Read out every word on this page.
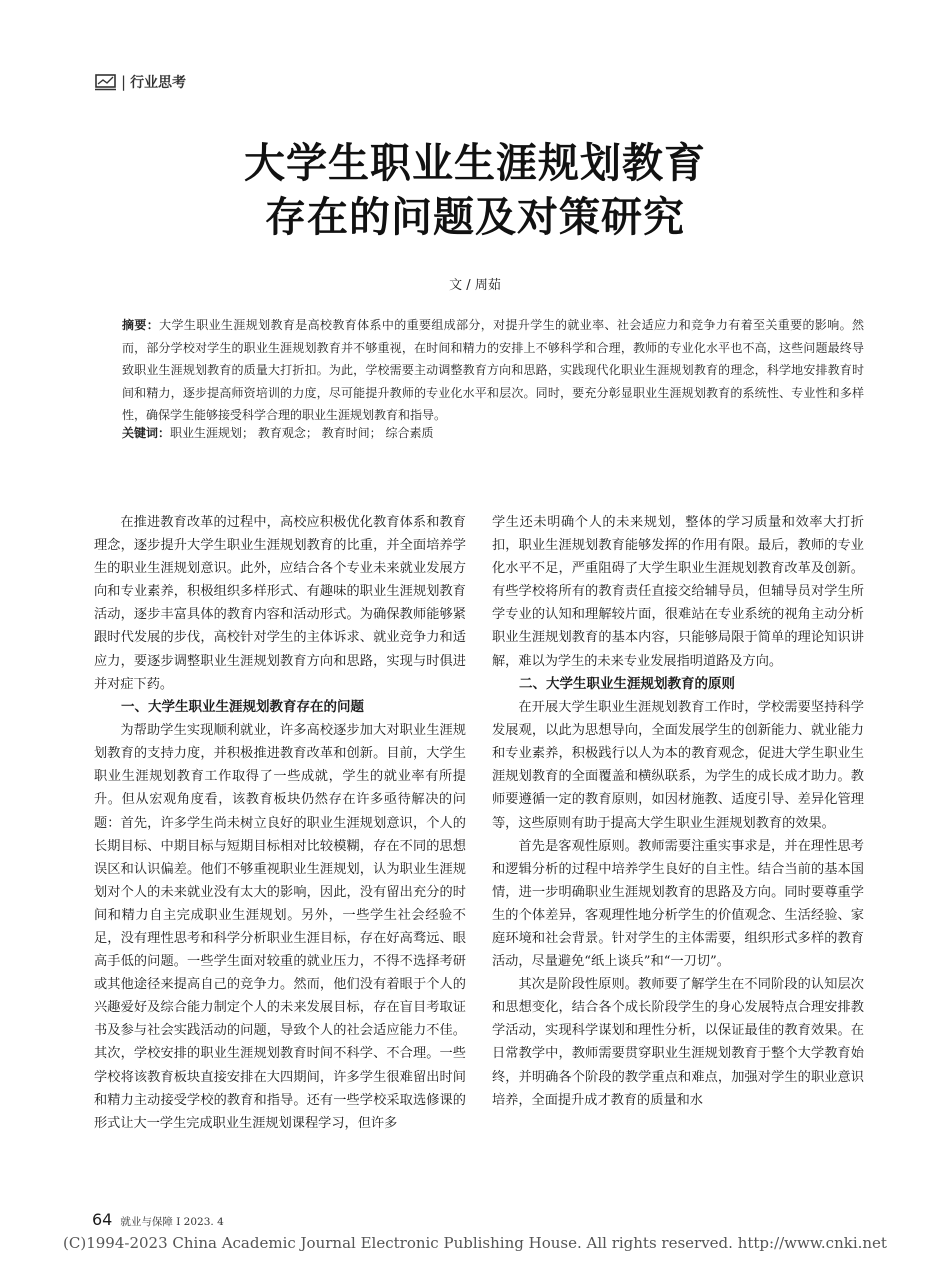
| 行业思考
大学生职业生涯规划教育
存在的问题及对策研究
文 / 周茹
摘要：大学生职业生涯规划教育是高校教育体系中的重要组成部分，对提升学生的就业率、社会适应力和竞争力有着至关重要的影响。然而，部分学校对学生的职业生涯规划教育并不够重视，在时间和精力的安排上不够科学和合理，教师的专业化水平也不高，这些问题最终导致职业生涯规划教育的质量大打折扣。为此，学校需要主动调整教育方向和思路，实践现代化职业生涯规划教育的理念，科学地安排教育时间和精力，逐步提高师资培训的力度，尽可能提升教师的专业化水平和层次。同时，要充分彰显职业生涯规划教育的系统性、专业性和多样性，确保学生能够接受科学合理的职业生涯规划教育和指导。
关键词：职业生涯规划； 教育观念； 教育时间； 综合素质

在推进教育改革的过程中，高校应积极优化教育体系和教育理念，逐步提升大学生职业生涯规划教育的比重，并全面培养学生的职业生涯规划意识。此外，应结合各个专业未来就业发展方向和专业素养，积极组织多样形式、有趣味的职业生涯规划教育活动，逐步丰富具体的教育内容和活动形式。为确保教师能够紧跟时代发展的步伐，高校针对学生的主体诉求、就业竞争力和适应力，要逐步调整职业生涯规划教育方向和思路，实现与时俱进并对症下药。

一、大学生职业生涯规划教育存在的问题

为帮助学生实现顺利就业，许多高校逐步加大对职业生涯规划教育的支持力度，并积极推进教育改革和创新。目前，大学生职业生涯规划教育工作取得了一些成就，学生的就业率有所提升。但从宏观角度看，该教育板块仍然存在许多亟待解决的问题：首先，许多学生尚未树立良好的职业生涯规划意识，个人的长期目标、中期目标与短期目标相对比较模糊，存在不同的思想误区和认识偏差。他们不够重视职业生涯规划，认为职业生涯规划对个人的未来就业没有太大的影响，因此，没有留出充分的时间和精力自主完成职业生涯规划。另外，一些学生社会经验不足，没有理性思考和科学分析职业生涯目标，存在好高骛远、眼高手低的问题。一些学生面对较重的就业压力，不得不选择考研或其他途径来提高自己的竞争力。然而，他们没有着眼于个人的兴趣爱好及综合能力制定个人的未来发展目标，存在盲目考取证书及参与社会实践活动的问题，导致个人的社会适应能力不佳。其次，学校安排的职业生涯规划教育时间不科学、不合理。一些学校将该教育板块直接安排在大四期间，许多学生很难留出时间和精力主动接受学校的教育和指导。还有一些学校采取选修课的形式让大一学生完成职业生涯规划课程学习，但许多

学生还未明确个人的未来规划，整体的学习质量和效率大打折扣，职业生涯规划教育能够发挥的作用有限。最后，教师的专业化水平不足，严重阻碍了大学生职业生涯规划教育改革及创新。有些学校将所有的教育责任直接交给辅导员，但辅导员对学生所学专业的认知和理解较片面，很难站在专业系统的视角主动分析职业生涯规划教育的基本内容，只能够局限于简单的理论知识讲解，难以为学生的未来专业发展指明道路及方向。

二、大学生职业生涯规划教育的原则

在开展大学生职业生涯规划教育工作时，学校需要坚持科学发展观，以此为思想导向，全面发展学生的创新能力、就业能力和专业素养，积极践行以人为本的教育观念，促进大学生职业生涯规划教育的全面覆盖和横纵联系，为学生的成长成才助力。教师要遵循一定的教育原则，如因材施教、适度引导、差异化管理等，这些原则有助于提高大学生职业生涯规划教育的效果。

首先是客观性原则。教师需要注重实事求是，并在理性思考和逻辑分析的过程中培养学生良好的自主性。结合当前的基本国情，进一步明确职业生涯规划教育的思路及方向。同时要尊重学生的个体差异，客观理性地分析学生的价值观念、生活经验、家庭环境和社会背景。针对学生的主体需要，组织形式多样的教育活动，尽量避免“纸上谈兵”和“一刀切”。

其次是阶段性原则。教师要了解学生在不同阶段的认知层次和思想变化，结合各个成长阶段学生的身心发展特点合理安排教学活动，实现科学谋划和理性分析，以保证最佳的教育效果。在日常教学中，教师需要贯穿职业生涯规划教育于整个大学教育始终，并明确各个阶段的教学重点和难点，加强对学生的职业意识培养，全面提升成才教育的质量和水

64 就业与保障 I 2023. 4
(C)1994-2023 China Academic Journal Electronic Publishing House. All rights reserved. http://www.cnki.net
